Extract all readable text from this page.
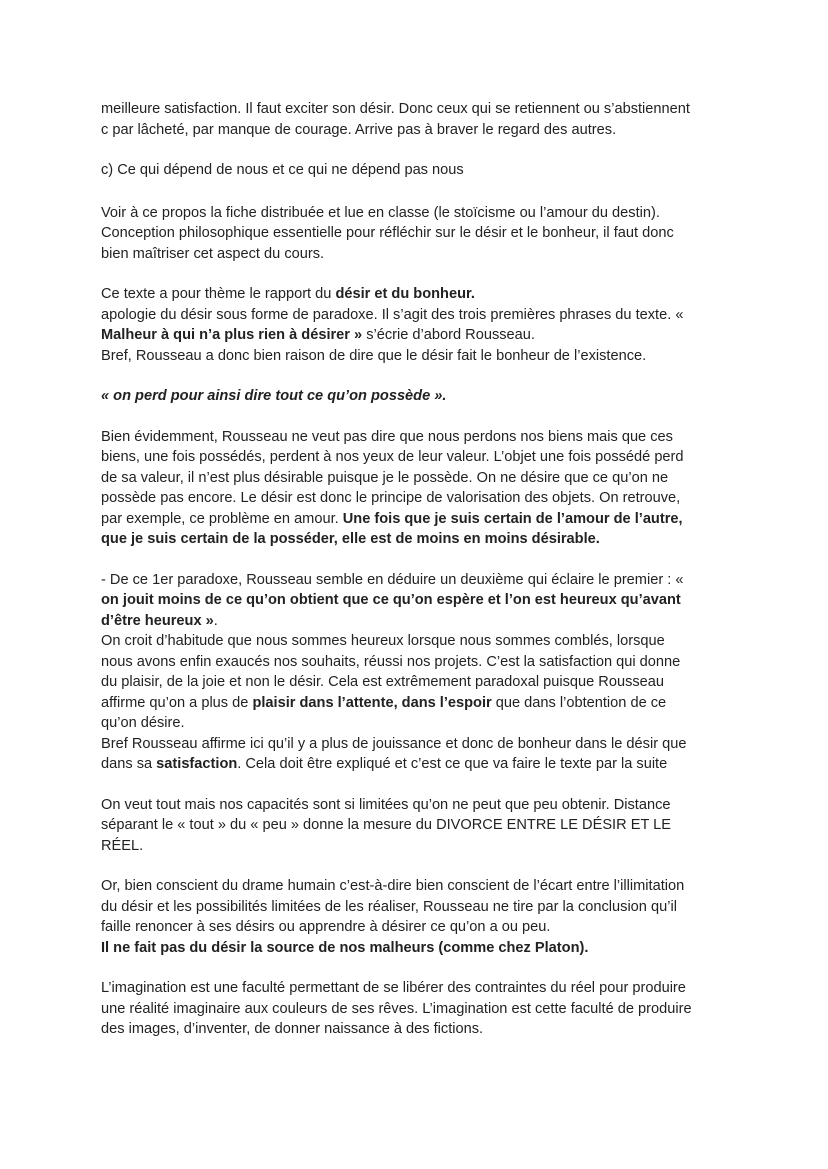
meilleure satisfaction. Il faut exciter son désir. Donc ceux qui se retiennent ou s’abstiennent
c par lâcheté, par manque de courage. Arrive pas à braver le regard des autres.

c) Ce qui dépend de nous et ce qui ne dépend pas nous

Voir à ce propos la fiche distribuée et lue en classe (le stoïcisme ou l’amour du destin).
Conception philosophique essentielle pour réfléchir sur le désir et le bonheur, il faut donc
bien maîtriser cet aspect du cours.

Ce texte a pour thème le rapport du désir et du bonheur.
apologie du désir sous forme de paradoxe. Il s’agit des trois premières phrases du texte. «
Malheur à qui n’a plus rien à désirer » s’écrie d’abord Rousseau.
Bref, Rousseau a donc bien raison de dire que le désir fait le bonheur de l’existence.

« on perd pour ainsi dire tout ce qu’on possède ».

Bien évidemment, Rousseau ne veut pas dire que nous perdons nos biens mais que ces
biens, une fois possédés, perdent à nos yeux de leur valeur. L’objet une fois possédé perd
de sa valeur, il n’est plus désirable puisque je le possède. On ne désire que ce qu’on ne
possède pas encore. Le désir est donc le principe de valorisation des objets. On retrouve,
par exemple, ce problème en amour. Une fois que je suis certain de l’amour de l’autre,
que je suis certain de la posséder, elle est de moins en moins désirable.

- De ce 1er paradoxe, Rousseau semble en déduire un deuxième qui éclaire le premier : «
on jouit moins de ce qu’on obtient que ce qu’on espère et l’on est heureux qu’avant
d’être heureux ».
On croit d’habitude que nous sommes heureux lorsque nous sommes comblés, lorsque
nous avons enfin exaucés nos souhaits, réussi nos projets. C’est la satisfaction qui donne
du plaisir, de la joie et non le désir. Cela est extrêmement paradoxal puisque Rousseau
affirme qu’on a plus de plaisir dans l’attente, dans l’espoir que dans l’obtention de ce
qu’on désire.
Bref Rousseau affirme ici qu’il y a plus de jouissance et donc de bonheur dans le désir que
dans sa satisfaction. Cela doit être expliqué et c’est ce que va faire le texte par la suite

On veut tout mais nos capacités sont si limitées qu’on ne peut que peu obtenir. Distance
séparant le « tout » du « peu » donne la mesure du DIVORCE ENTRE LE DÉSIR ET LE
RÉEL.

Or, bien conscient du drame humain c’est-à-dire bien conscient de l’écart entre l’illimitation
du désir et les possibilités limitées de les réaliser, Rousseau ne tire par la conclusion qu’il
faille renoncer à ses désirs ou apprendre à désirer ce qu’on a ou peu.
Il ne fait pas du désir la source de nos malheurs (comme chez Platon).

L’imagination est une faculté permettant de se libérer des contraintes du réel pour produire
une réalité imaginaire aux couleurs de ses rêves. L’imagination est cette faculté de produire
des images, d’inventer, de donner naissance à des fictions.
